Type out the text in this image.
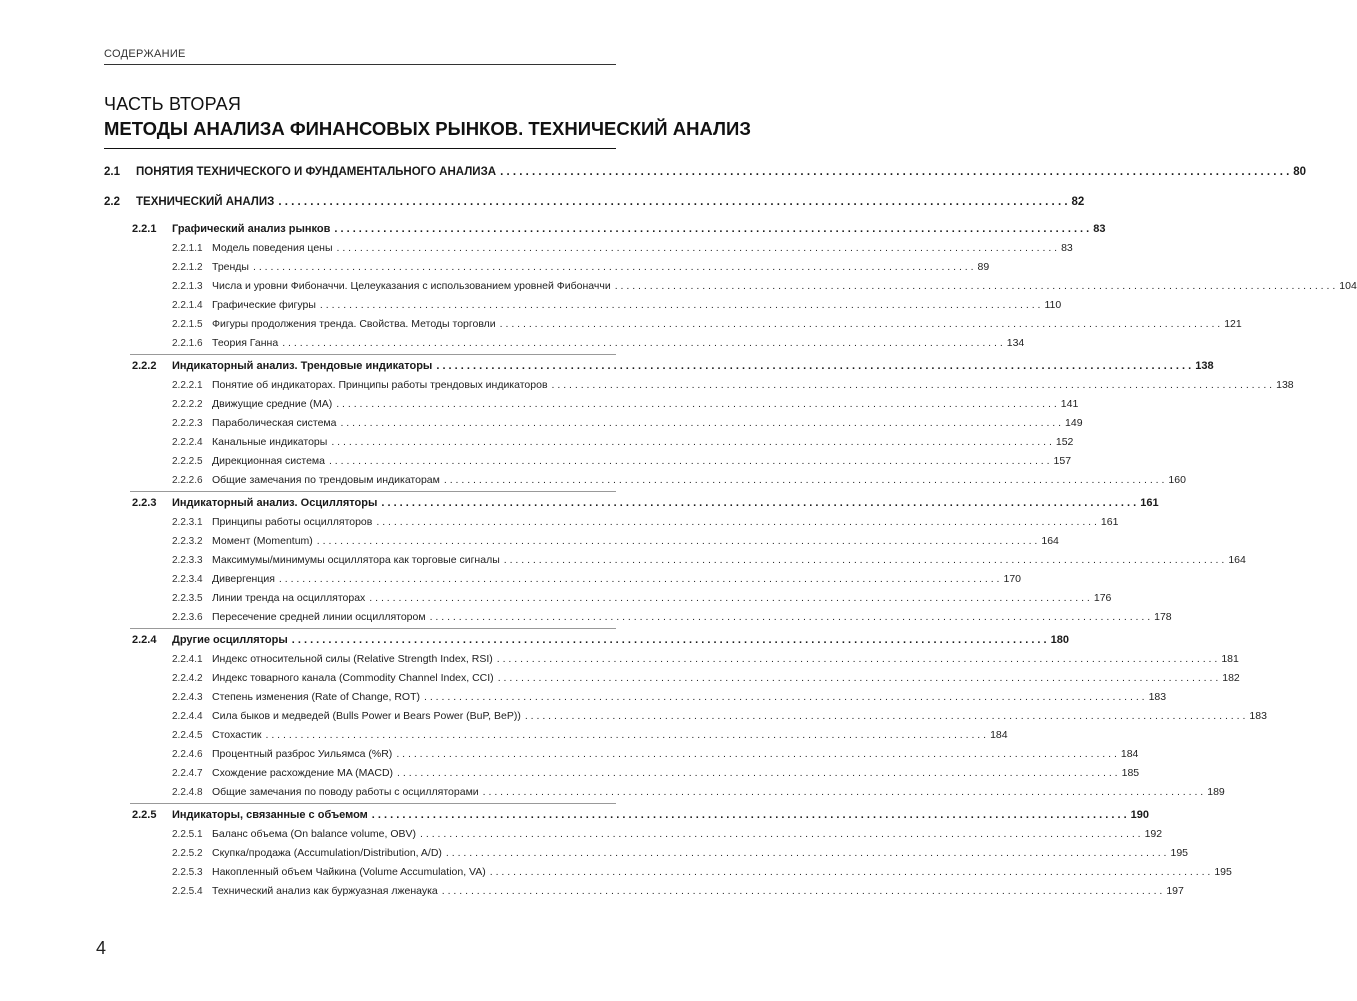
СОДЕРЖАНИЕ
ЧАСТЬ ВТОРАЯ
МЕТОДЫ АНАЛИЗА ФИНАНСОВЫХ РЫНКОВ. ТЕХНИЧЕСКИЙ АНАЛИЗ
2.1	ПОНЯТИЯ ТЕХНИЧЕСКОГО И ФУНДАМЕНТАЛЬНОГО АНАЛИЗА . . .	80
2.2	ТЕХНИЧЕСКИЙ АНАЛИЗ . . .	82
2.2.1	Графический анализ рынков . . .	83
2.2.1.1 Модель поведения цены . . .	83
2.2.1.2 Тренды . . .	89
2.2.1.3 Числа и уровни Фибоначчи. Целеуказания с использованием уровней Фибоначчи . . .	104
2.2.1.4 Графические фигуры . . .	110
2.2.1.5 Фигуры продолжения тренда. Свойства. Методы торговли . . .	121
2.2.1.6 Теория Ганна . . .	134
2.2.2	Индикаторный анализ. Трендовые индикаторы . . .	138
2.2.2.1 Понятие об индикаторах. Принципы работы трендовых индикаторов . . .	138
2.2.2.2 Движущие средние (MA) . . .	141
2.2.2.3 Параболическая система . . .	149
2.2.2.4 Канальные индикаторы . . .	152
2.2.2.5 Дирекционная система . . .	157
2.2.2.6 Общие замечания по трендовым индикаторам . . .	160
2.2.3	Индикаторный анализ. Осцилляторы . . .	161
2.2.3.1 Принципы работы осцилляторов . . .	161
2.2.3.2 Момент (Momentum) . . .	164
2.2.3.3 Максимумы/минимумы осциллятора как торговые сигналы . . .	164
2.2.3.4 Дивергенция . . .	170
2.2.3.5 Линии тренда на осцилляторах . . .	176
2.2.3.6 Пересечение средней линии осциллятором . . .	178
2.2.4	Другие осцилляторы . . .	180
2.2.4.1 Индекс относительной силы (Relative Strength Index, RSI) . . .	181
2.2.4.2 Индекс товарного канала (Commodity Channel Index, CCI) . . .	182
2.2.4.3 Степень изменения (Rate of Change, ROT) . . .	183
2.2.4.4 Сила быков и медведей (Bulls Power и Bears Power (BuP, BeP)) . . .	183
2.2.4.5 Стохастик . . .	184
2.2.4.6 Процентный разброс Уильямса (%R) . . .	184
2.2.4.7 Схождение расхождение MA (MACD) . . .	185
2.2.4.8 Общие замечания по поводу работы с осцилляторами . . .	189
2.2.5	Индикаторы, связанные с объемом . . .	190
2.2.5.1 Баланс объема (On balance volume, OBV) . . .	192
2.2.5.2 Скупка/продажа (Accumulation/Distribution, A/D) . . .	195
2.2.5.3 Накопленный объем Чайкина (Volume Accumulation, VA) . . .	195
2.2.5.4 Технический анализ как буржуазная лженаука . . .	197
4
